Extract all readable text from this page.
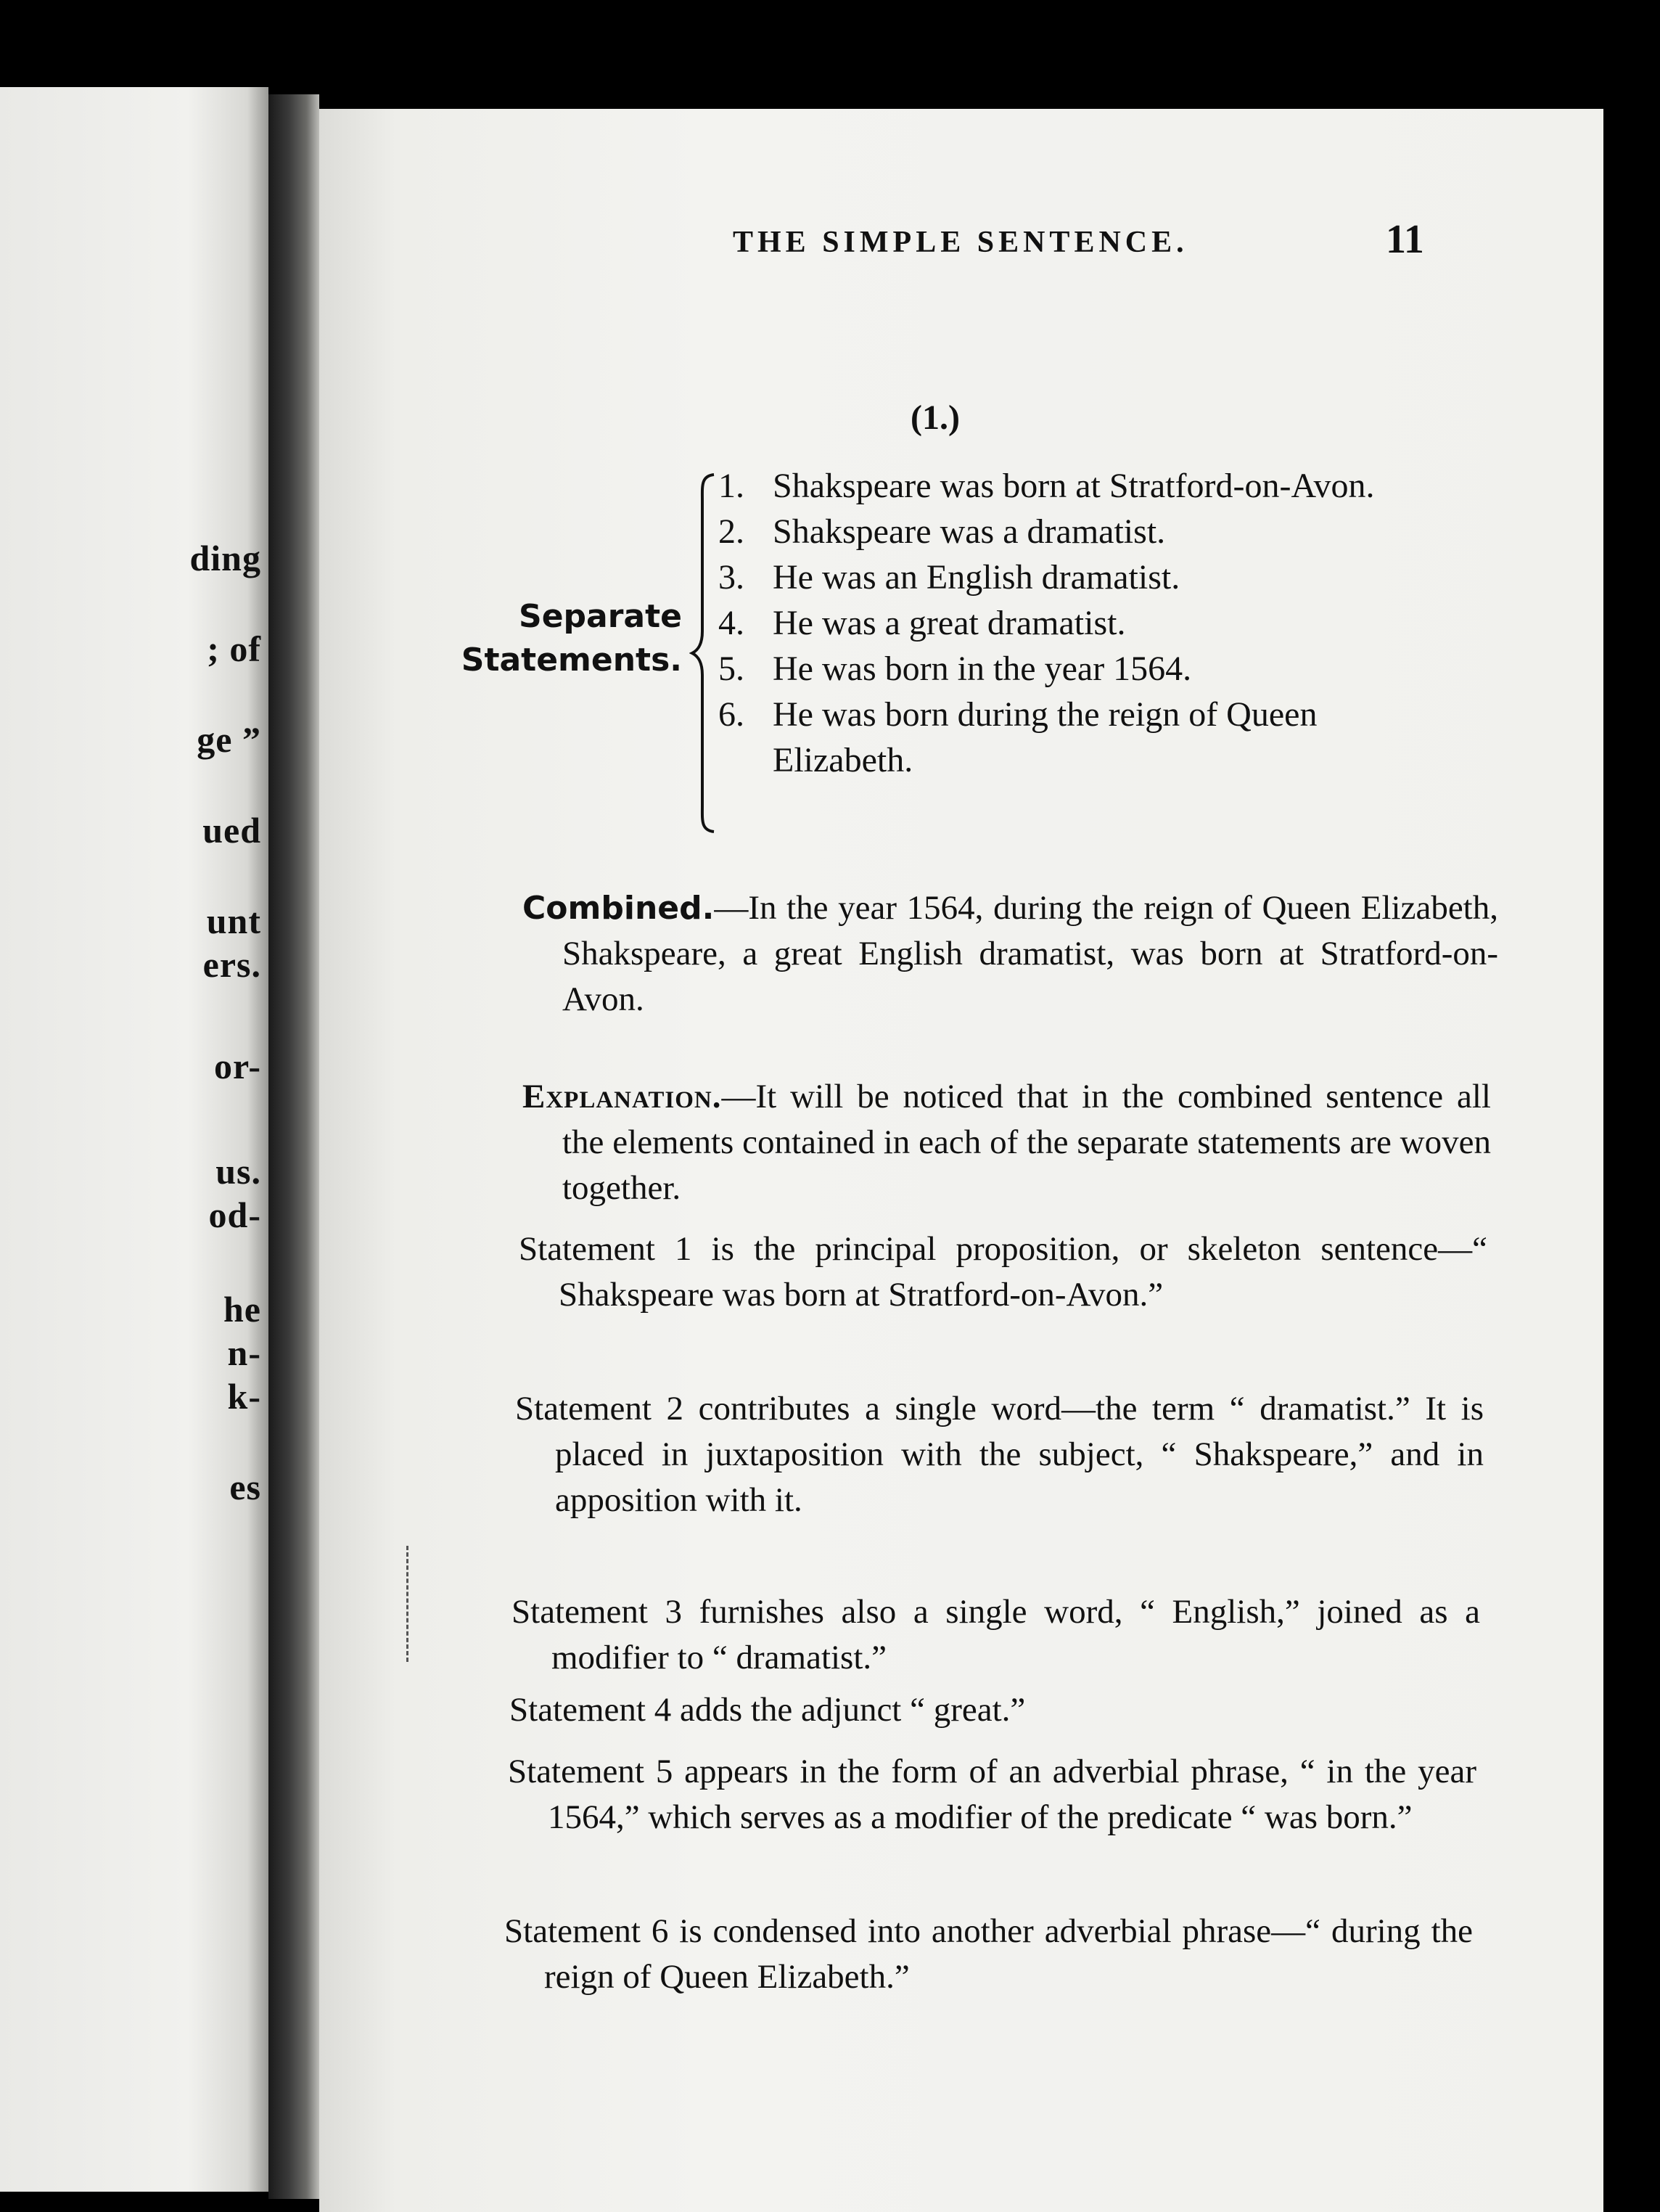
ding
; of
ge ”
ued
unt
ers.
or-
us.
od-
he
n-
k-
es
THE SIMPLE SENTENCE.	11
(1.)
Separate
Statements.
1. Shakspeare was born at Stratford-on-Avon.
2. Shakspeare was a dramatist.
3. He was an English dramatist.
4. He was a great dramatist.
5. He was born in the year 1564.
6. He was born during the reign of Queen Elizabeth.
Combined.—In the year 1564, during the reign of Queen Elizabeth, Shakspeare, a great English dramatist, was born at Stratford-on-Avon.
Explanation.—It will be noticed that in the combined sentence all the elements contained in each of the separate statements are woven together.
Statement 1 is the principal proposition, or skeleton sentence—“ Shakspeare was born at Stratford-on-Avon.”
Statement 2 contributes a single word—the term “ dramatist.” It is placed in juxtaposition with the subject, “ Shakspeare,” and in apposition with it.
Statement 3 furnishes also a single word, “ English,” joined as a modifier to “ dramatist.”
Statement 4 adds the adjunct “ great.”
Statement 5 appears in the form of an adverbial phrase, “ in the year 1564,” which serves as a modifier of the predicate “ was born.”
Statement 6 is condensed into another adverbial phrase—“ during the reign of Queen Elizabeth.”
